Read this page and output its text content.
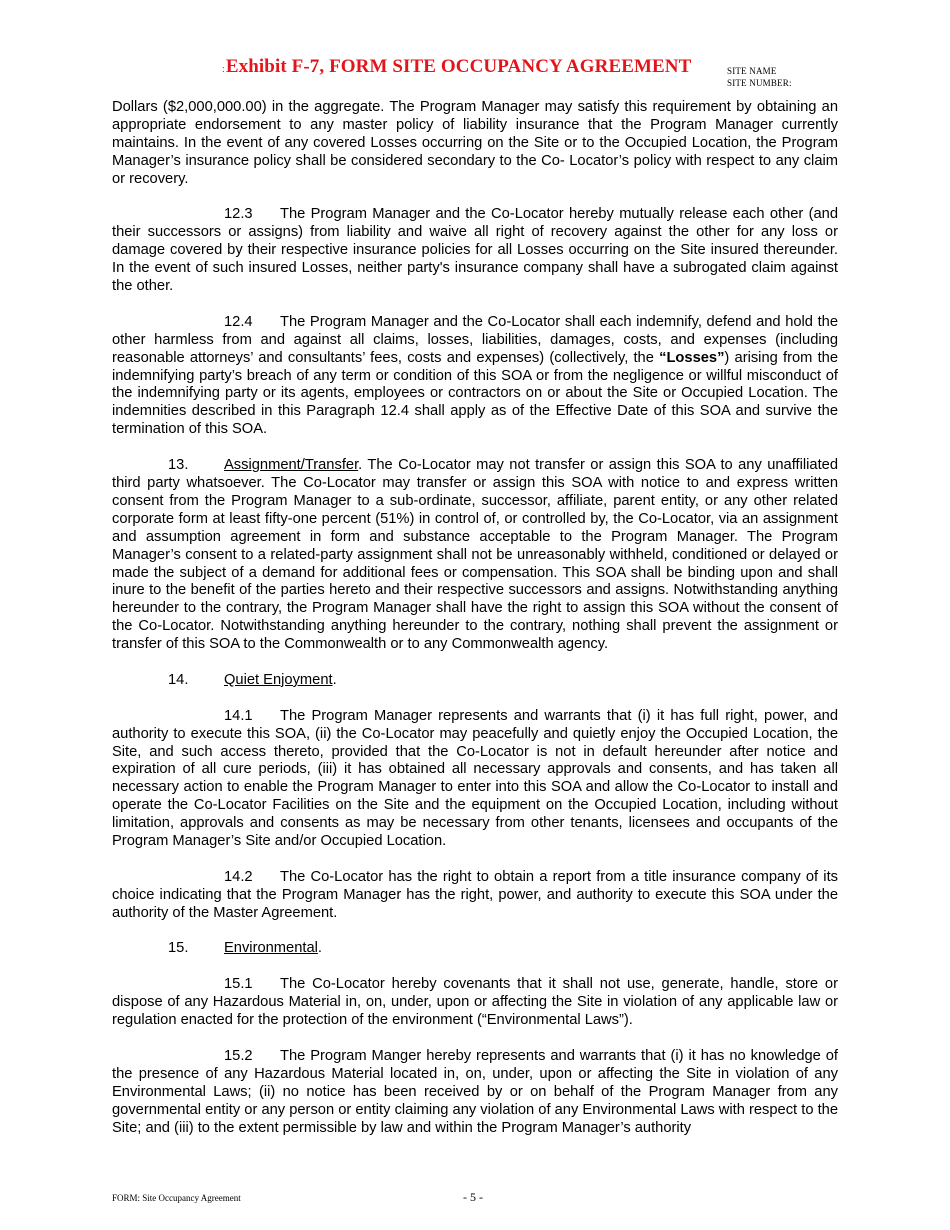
:Exhibit F-7, FORM SITE OCCUPANCY AGREEMENT	SITE NAME
SITE NUMBER:

Dollars ($2,000,000.00) in the aggregate. The Program Manager may satisfy this requirement by obtaining an appropriate endorsement to any master policy of liability insurance that the Program Manager currently maintains. In the event of any covered Losses occurring on the Site or to the Occupied Location, the Program Manager’s insurance policy shall be considered secondary to the Co- Locator’s policy with respect to any claim or recovery.

12.3 The Program Manager and the Co-Locator hereby mutually release each other (and their successors or assigns) from liability and waive all right of recovery against the other for any loss or damage covered by their respective insurance policies for all Losses occurring on the Site insured thereunder. In the event of such insured Losses, neither party's insurance company shall have a subrogated claim against the other.

12.4 The Program Manager and the Co-Locator shall each indemnify, defend and hold the other harmless from and against all claims, losses, liabilities, damages, costs, and expenses (including reasonable attorneys’ and consultants’ fees, costs and expenses) (collectively, the “Losses”) arising from the indemnifying party’s breach of any term or condition of this SOA or from the negligence or willful misconduct of the indemnifying party or its agents, employees or contractors on or about the Site or Occupied Location. The indemnities described in this Paragraph 12.4 shall apply as of the Effective Date of this SOA and survive the termination of this SOA.

13. Assignment/Transfer. The Co-Locator may not transfer or assign this SOA to any unaffiliated third party whatsoever. The Co-Locator may transfer or assign this SOA with notice to and express written consent from the Program Manager to a sub-ordinate, successor, affiliate, parent entity, or any other related corporate form at least fifty-one percent (51%) in control of, or controlled by, the Co-Locator, via an assignment and assumption agreement in form and substance acceptable to the Program Manager. The Program Manager’s consent to a related-party assignment shall not be unreasonably withheld, conditioned or delayed or made the subject of a demand for additional fees or compensation. This SOA shall be binding upon and shall inure to the benefit of the parties hereto and their respective successors and assigns. Notwithstanding anything hereunder to the contrary, the Program Manager shall have the right to assign this SOA without the consent of the Co-Locator. Notwithstanding anything hereunder to the contrary, nothing shall prevent the assignment or transfer of this SOA to the Commonwealth or to any Commonwealth agency.

14. Quiet Enjoyment.

14.1 The Program Manager represents and warrants that (i) it has full right, power, and authority to execute this SOA, (ii) the Co-Locator may peacefully and quietly enjoy the Occupied Location, the Site, and such access thereto, provided that the Co-Locator is not in default hereunder after notice and expiration of all cure periods, (iii) it has obtained all necessary approvals and consents, and has taken all necessary action to enable the Program Manager to enter into this SOA and allow the Co-Locator to install and operate the Co-Locator Facilities on the Site and the equipment on the Occupied Location, including without limitation, approvals and consents as may be necessary from other tenants, licensees and occupants of the Program Manager’s Site and/or Occupied Location.

14.2 The Co-Locator has the right to obtain a report from a title insurance company of its choice indicating that the Program Manager has the right, power, and authority to execute this SOA under the authority of the Master Agreement.

15. Environmental.

15.1 The Co-Locator hereby covenants that it shall not use, generate, handle, store or dispose of any Hazardous Material in, on, under, upon or affecting the Site in violation of any applicable law or regulation enacted for the protection of the environment (“Environmental Laws”).

15.2 The Program Manger hereby represents and warrants that (i) it has no knowledge of the presence of any Hazardous Material located in, on, under, upon or affecting the Site in violation of any Environmental Laws; (ii) no notice has been received by or on behalf of the Program Manager from any governmental entity or any person or entity claiming any violation of any Environmental Laws with respect to the Site; and (iii) to the extent permissible by law and within the Program Manager’s authority

FORM: Site Occupancy Agreement	- 5 -
